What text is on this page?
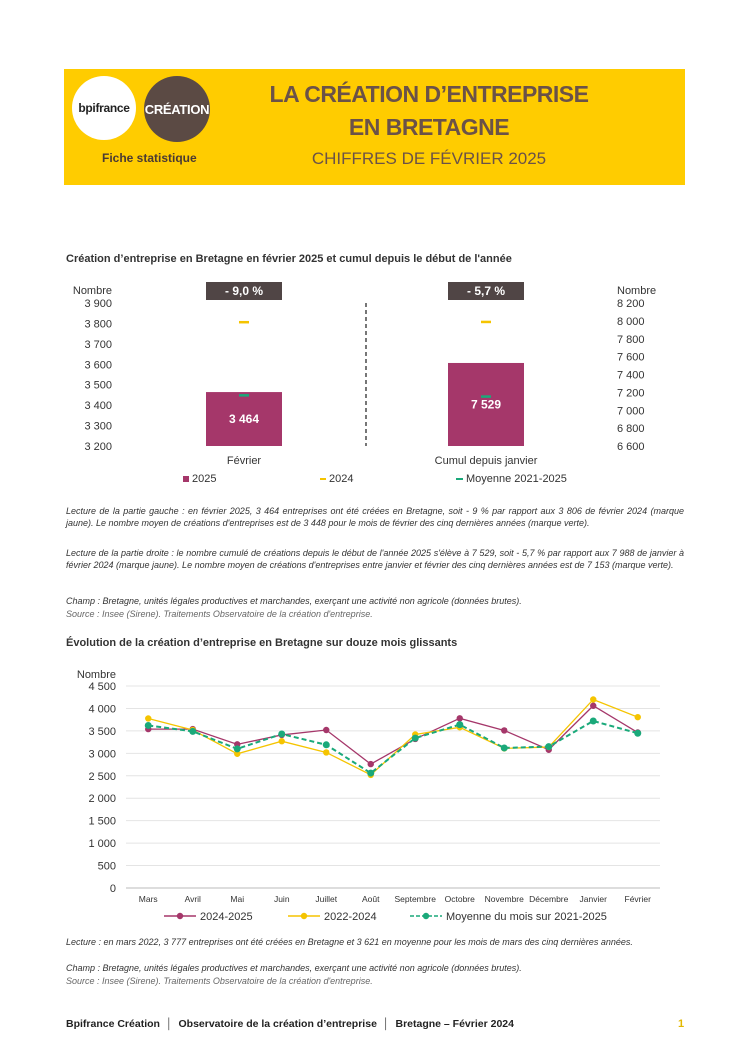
bpifrance CRÉATION
Fiche statistique
LA CRÉATION D’ENTREPRISE
EN BRETAGNE
CHIFFRES DE FÉVRIER 2025
Création d’entreprise en Bretagne en février 2025 et cumul depuis le début de l'année
Nombre	Nombre
3 200
3 300
3 400
3 500
3 600
3 700
3 800
3 900
6 600
6 800
7 000
7 200
7 400
7 600
7 800
8 000
8 200
3 464
- 9,0 %
Février
7 529
- 5,7 %
Cumul depuis janvier
2025	2024	Moyenne 2021-2025
Lecture de la partie gauche : en février 2025, 3 464 entreprises ont été créées en Bretagne, soit - 9 % par rapport aux 3 806 de février 2024 (marque jaune). Le nombre moyen de créations d'entreprises est de 3 448 pour le mois de février des cinq dernières années (marque verte).
Lecture de la partie droite : le nombre cumulé de créations depuis le début de l'année 2025 s'élève à 7 529, soit - 5,7 % par rapport aux 7 988 de janvier à février 2024 (marque jaune). Le nombre moyen de créations d'entreprises entre janvier et février des cinq dernières années est de 7 153 (marque verte).
Champ : Bretagne, unités légales productives et marchandes, exerçant une activité non agricole (données brutes).
Source : Insee (Sirene). Traitements Observatoire de la création d'entreprise.
Évolution de la création d’entreprise en Bretagne sur douze mois glissants
Nombre
0
500
1 000
1 500
2 000
2 500
3 000
3 500
4 000
4 500
Mars	Avril	Mai	Juin	Juillet	Août Septembre Octobre Novembre Décembre Janvier Février
2024-2025	2022-2024	Moyenne du mois sur 2021-2025
Lecture : en mars 2022, 3 777 entreprises ont été créées en Bretagne et 3 621 en moyenne pour les mois de mars des cinq dernières années.
Champ : Bretagne, unités légales productives et marchandes, exerçant une activité non agricole (données brutes).
Source : Insee (Sirene). Traitements Observatoire de la création d'entreprise.
Bpifrance Création │ Observatoire de la création d’entreprise │ Bretagne – Février 2024	1
